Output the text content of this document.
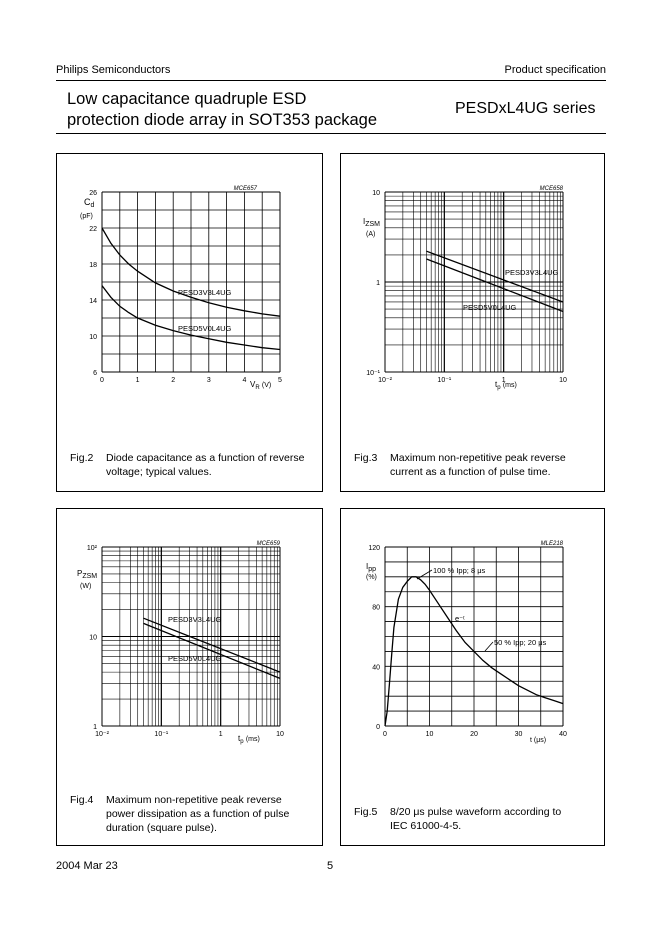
Philips Semiconductors	Product specification
Low capacitance quadruple ESD
protection diode array in SOT353 package
PESDxL4UG series
MCE657
$C_d$
(pF)
$V_R$ (V)
0	1	2	3	4	5
6
10
14
18
22
26
PESD3V3L4UG
PESD5V0L4UG
MCE658
IZSM
(A)
$t_p$ (ms)
10⁻²	10⁻¹	1	10
10⁻¹
1
10
PESD3V3L4UG
PESD5V0L4UG
MCE659
PZSM
(W)
$t_p$ (ms)
10⁻²	10⁻¹	1	10
1
10
10²
PESD3V3L4UG
PESD5V0L4UG
MLE218
Ipp
(%)
t (μs)
0	10	20	30	40
0
40
80
120
100 % Ipp; 8 μs
e⁻ᵗ
50 % Ipp; 20 μs
Fig.2 Diode capacitance as a function of reverse
voltage; typical values.
Fig.3 Maximum non-repetitive peak reverse
current as a function of pulse time.
Fig.4 Maximum non-repetitive peak reverse
power dissipation as a function of pulse
duration (square pulse).
Fig.5 8/20 μs pulse waveform according to
IEC 61000-4-5.
2004 Mar 23	5
